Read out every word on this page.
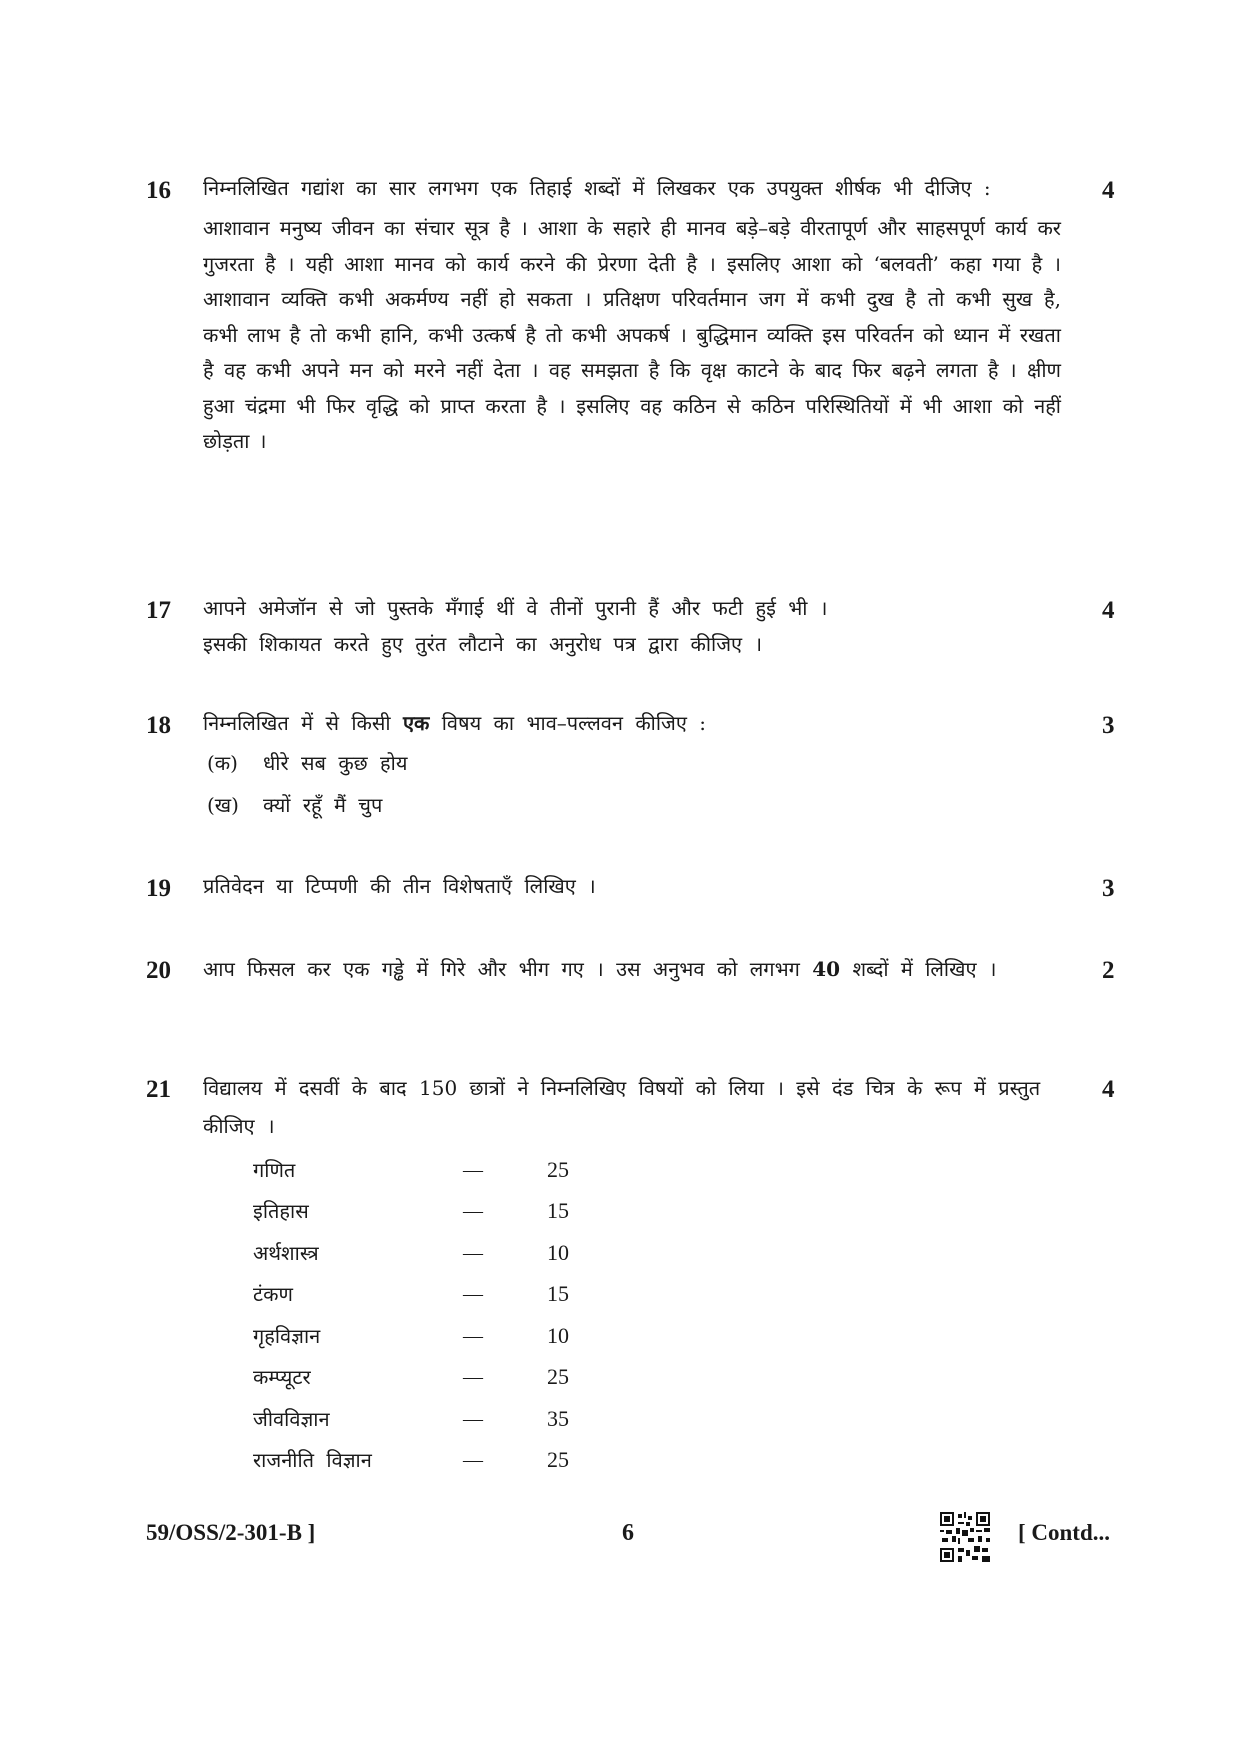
16 निम्नलिखित गद्यांश का सार लगभग एक तिहाई शब्दों में लिखकर एक उपयुक्त शीर्षक भी दीजिए :

आशावान मनुष्य जीवन का संचार सूत्र है । आशा के सहारे ही मानव बड़े–बड़े वीरतापूर्ण और साहसपूर्ण कार्य कर गुजरता है । यही आशा मानव को कार्य करने की प्रेरणा देती है । इसलिए आशा को ‘बलवती’ कहा गया है । आशावान व्यक्ति कभी अकर्मण्य नहीं हो सकता । प्रतिक्षण परिवर्तमान जग में कभी दुख है तो कभी सुख है, कभी लाभ है तो कभी हानि, कभी उत्कर्ष है तो कभी अपकर्ष । बुद्धिमान व्यक्ति इस परिवर्तन को ध्यान में रखता है वह कभी अपने मन को मरने नहीं देता । वह समझता है कि वृक्ष काटने के बाद फिर बढ़ने लगता है । क्षीण हुआ चंद्रमा भी फिर वृद्धि को प्राप्त करता है । इसलिए वह कठिन से कठिन परिस्थितियों में भी आशा को नहीं छोड़ता ।

4
17 आपने अमेजॉन से जो पुस्तके मँगाई थीं वे तीनों पुरानी हैं और फटी हुई भी ।
इसकी शिकायत करते हुए तुरंत लौटाने का अनुरोध पत्र द्वारा कीजिए ।
4
18 निम्नलिखित में से किसी एक विषय का भाव–पल्लवन कीजिए :
(क) धीरे सब कुछ होय
(ख) क्यों रहूँ मैं चुप
3
19 प्रतिवेदन या टिप्पणी की तीन विशेषताएँ लिखिए ।	3
20 आप फिसल कर एक गड्ढे में गिरे और भीग गए । उस अनुभव को लगभग 40 शब्दों में लिखिए ।	2
21 विद्यालय में दसवीं के बाद 150 छात्रों ने निम्नलिखिए विषयों को लिया । इसे दंड चित्र के रूप में प्रस्तुत कीजिए ।
गणित	—	25
इतिहास	—	15
अर्थशास्त्र	—	10
टंकण	—	15
गृहविज्ञान	—	10
कम्प्यूटर	—	25
जीवविज्ञान	—	35
राजनीति विज्ञान	—	25
4
59/OSS/2-301-B ]	6	[ Contd...
